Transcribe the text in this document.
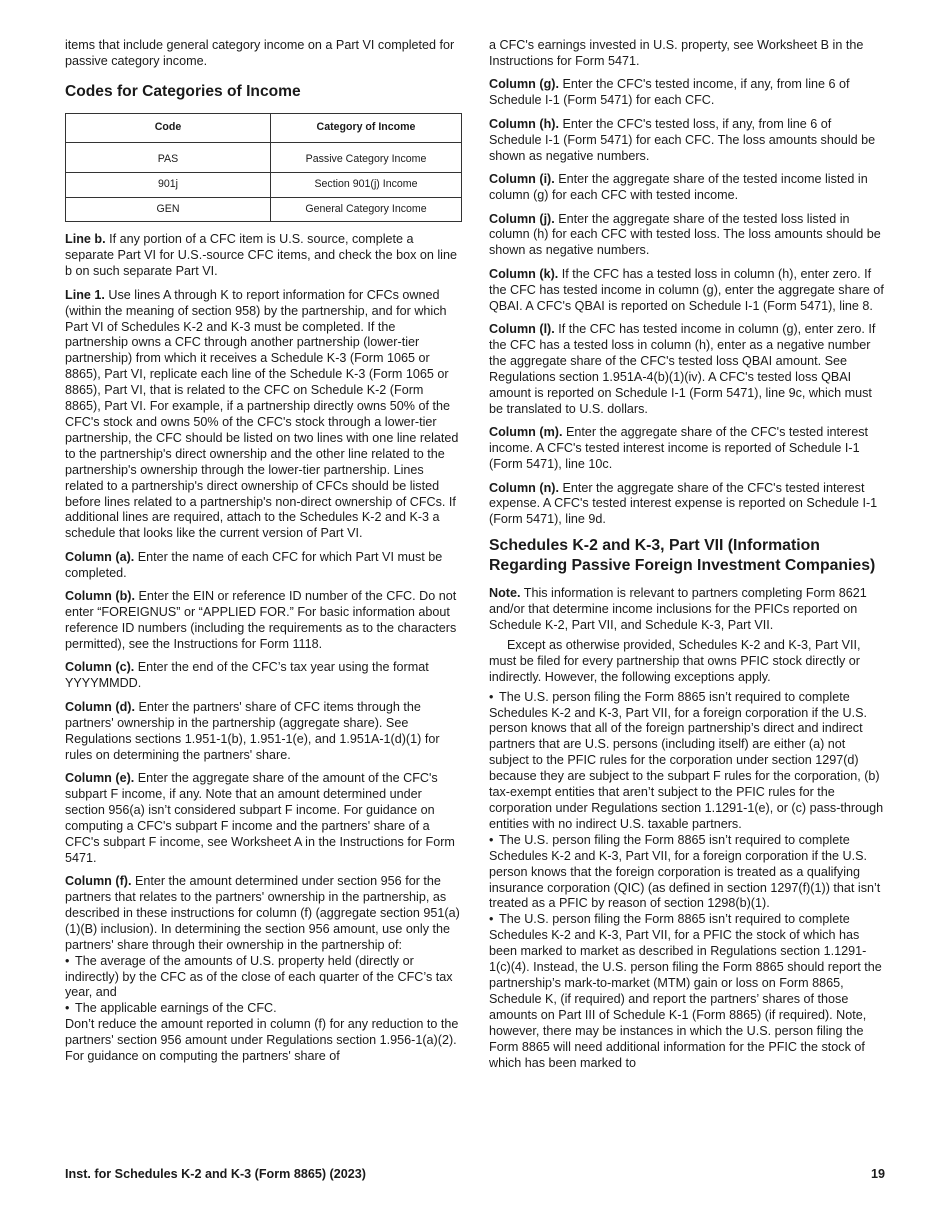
items that include general category income on a Part VI completed for passive category income.

Codes for Categories of Income
Code	Category of Income
PAS	Passive Category Income
901j	Section 901(j) Income
GEN	General Category Income

Line b. If any portion of a CFC item is U.S. source, complete a separate Part VI for U.S.-source CFC items, and check the box on line b on such separate Part VI.

Line 1. Use lines A through K to report information for CFCs owned (within the meaning of section 958) by the partnership, and for which Part VI of Schedules K-2 and K-3 must be completed. If the partnership owns a CFC through another partnership (lower-tier partnership) from which it receives a Schedule K-3 (Form 1065 or 8865), Part VI, replicate each line of the Schedule K-3 (Form 1065 or 8865), Part VI, that is related to the CFC on Schedule K-2 (Form 8865), Part VI. For example, if a partnership directly owns 50% of the CFC's stock and owns 50% of the CFC's stock through a lower-tier partnership, the CFC should be listed on two lines with one line related to the partnership's direct ownership and the other line related to the partnership's ownership through the lower-tier partnership. Lines related to a partnership's direct ownership of CFCs should be listed before lines related to a partnership's non-direct ownership of CFCs. If additional lines are required, attach to the Schedules K-2 and K-3 a schedule that looks like the current version of Part VI.

Column (a). Enter the name of each CFC for which Part VI must be completed.

Column (b). Enter the EIN or reference ID number of the CFC. Do not enter “FOREIGNUS” or “APPLIED FOR.” For basic information about reference ID numbers (including the requirements as to the characters permitted), see the Instructions for Form 1118.

Column (c). Enter the end of the CFC’s tax year using the format YYYYMMDD.

Column (d). Enter the partners' share of CFC items through the partners' ownership in the partnership (aggregate share). See Regulations sections 1.951-1(b), 1.951-1(e), and 1.951A-1(d)(1) for rules on determining the partners' share.

Column (e). Enter the aggregate share of the amount of the CFC's subpart F income, if any. Note that an amount determined under section 956(a) isn’t considered subpart F income. For guidance on computing a CFC's subpart F income and the partners' share of a CFC's subpart F income, see Worksheet A in the Instructions for Form 5471.

Column (f). Enter the amount determined under section 956 for the partners that relates to the partners' ownership in the partnership, as described in these instructions for column (f) (aggregate section 951(a)(1)(B) inclusion). In determining the section 956 amount, use only the partners' share through their ownership in the partnership of:

• The average of the amounts of U.S. property held (directly or indirectly) by the CFC as of the close of each quarter of the CFC’s tax year, and

• The applicable earnings of the CFC.

Don’t reduce the amount reported in column (f) for any reduction to the partners' section 956 amount under Regulations section 1.956-1(a)(2). For guidance on computing the partners' share of

a CFC's earnings invested in U.S. property, see Worksheet B in the Instructions for Form 5471.

Column (g). Enter the CFC's tested income, if any, from line 6 of Schedule I-1 (Form 5471) for each CFC.

Column (h). Enter the CFC's tested loss, if any, from line 6 of Schedule I-1 (Form 5471) for each CFC. The loss amounts should be shown as negative numbers.

Column (i). Enter the aggregate share of the tested income listed in column (g) for each CFC with tested income.

Column (j). Enter the aggregate share of the tested loss listed in column (h) for each CFC with tested loss. The loss amounts should be shown as negative numbers.

Column (k). If the CFC has a tested loss in column (h), enter zero. If the CFC has tested income in column (g), enter the aggregate share of QBAI. A CFC's QBAI is reported on Schedule I-1 (Form 5471), line 8.

Column (l). If the CFC has tested income in column (g), enter zero. If the CFC has a tested loss in column (h), enter as a negative number the aggregate share of the CFC's tested loss QBAI amount. See Regulations section 1.951A-4(b)(1)(iv). A CFC's tested loss QBAI amount is reported on Schedule I-1 (Form 5471), line 9c, which must be translated to U.S. dollars.

Column (m). Enter the aggregate share of the CFC's tested interest income. A CFC's tested interest income is reported of Schedule I-1 (Form 5471), line 10c.

Column (n). Enter the aggregate share of the CFC's tested interest expense. A CFC's tested interest expense is reported on Schedule I-1 (Form 5471), line 9d.

Schedules K-2 and K-3, Part VII (Information Regarding Passive Foreign Investment Companies)

Note. This information is relevant to partners completing Form 8621 and/or that determine income inclusions for the PFICs reported on Schedule K-2, Part VII, and Schedule K-3, Part VII.

Except as otherwise provided, Schedules K-2 and K-3, Part VII, must be filed for every partnership that owns PFIC stock directly or indirectly. However, the following exceptions apply.

• The U.S. person filing the Form 8865 isn’t required to complete Schedules K-2 and K-3, Part VII, for a foreign corporation if the U.S. person knows that all of the foreign partnership’s direct and indirect partners that are U.S. persons (including itself) are either (a) not subject to the PFIC rules for the corporation under section 1297(d) because they are subject to the subpart F rules for the corporation, (b) tax-exempt entities that aren’t subject to the PFIC rules for the corporation under Regulations section 1.1291-1(e), or (c) pass-through entities with no indirect U.S. taxable partners.

• The U.S. person filing the Form 8865 isn’t required to complete Schedules K-2 and K-3, Part VII, for a foreign corporation if the U.S. person knows that the foreign corporation is treated as a qualifying insurance corporation (QIC) (as defined in section 1297(f)(1)) that isn’t treated as a PFIC by reason of section 1298(b)(1).

• The U.S. person filing the Form 8865 isn’t required to complete Schedules K-2 and K-3, Part VII, for a PFIC the stock of which has been marked to market as described in Regulations section 1.1291-1(c)(4). Instead, the U.S. person filing the Form 8865 should report the partnership’s mark-to-market (MTM) gain or loss on Form 8865, Schedule K, (if required) and report the partners’ shares of those amounts on Part III of Schedule K-1 (Form 8865) (if required). Note, however, there may be instances in which the U.S. person filing the Form 8865 will need additional information for the PFIC the stock of which has been marked to

Inst. for Schedules K-2 and K-3 (Form 8865) (2023)	19
